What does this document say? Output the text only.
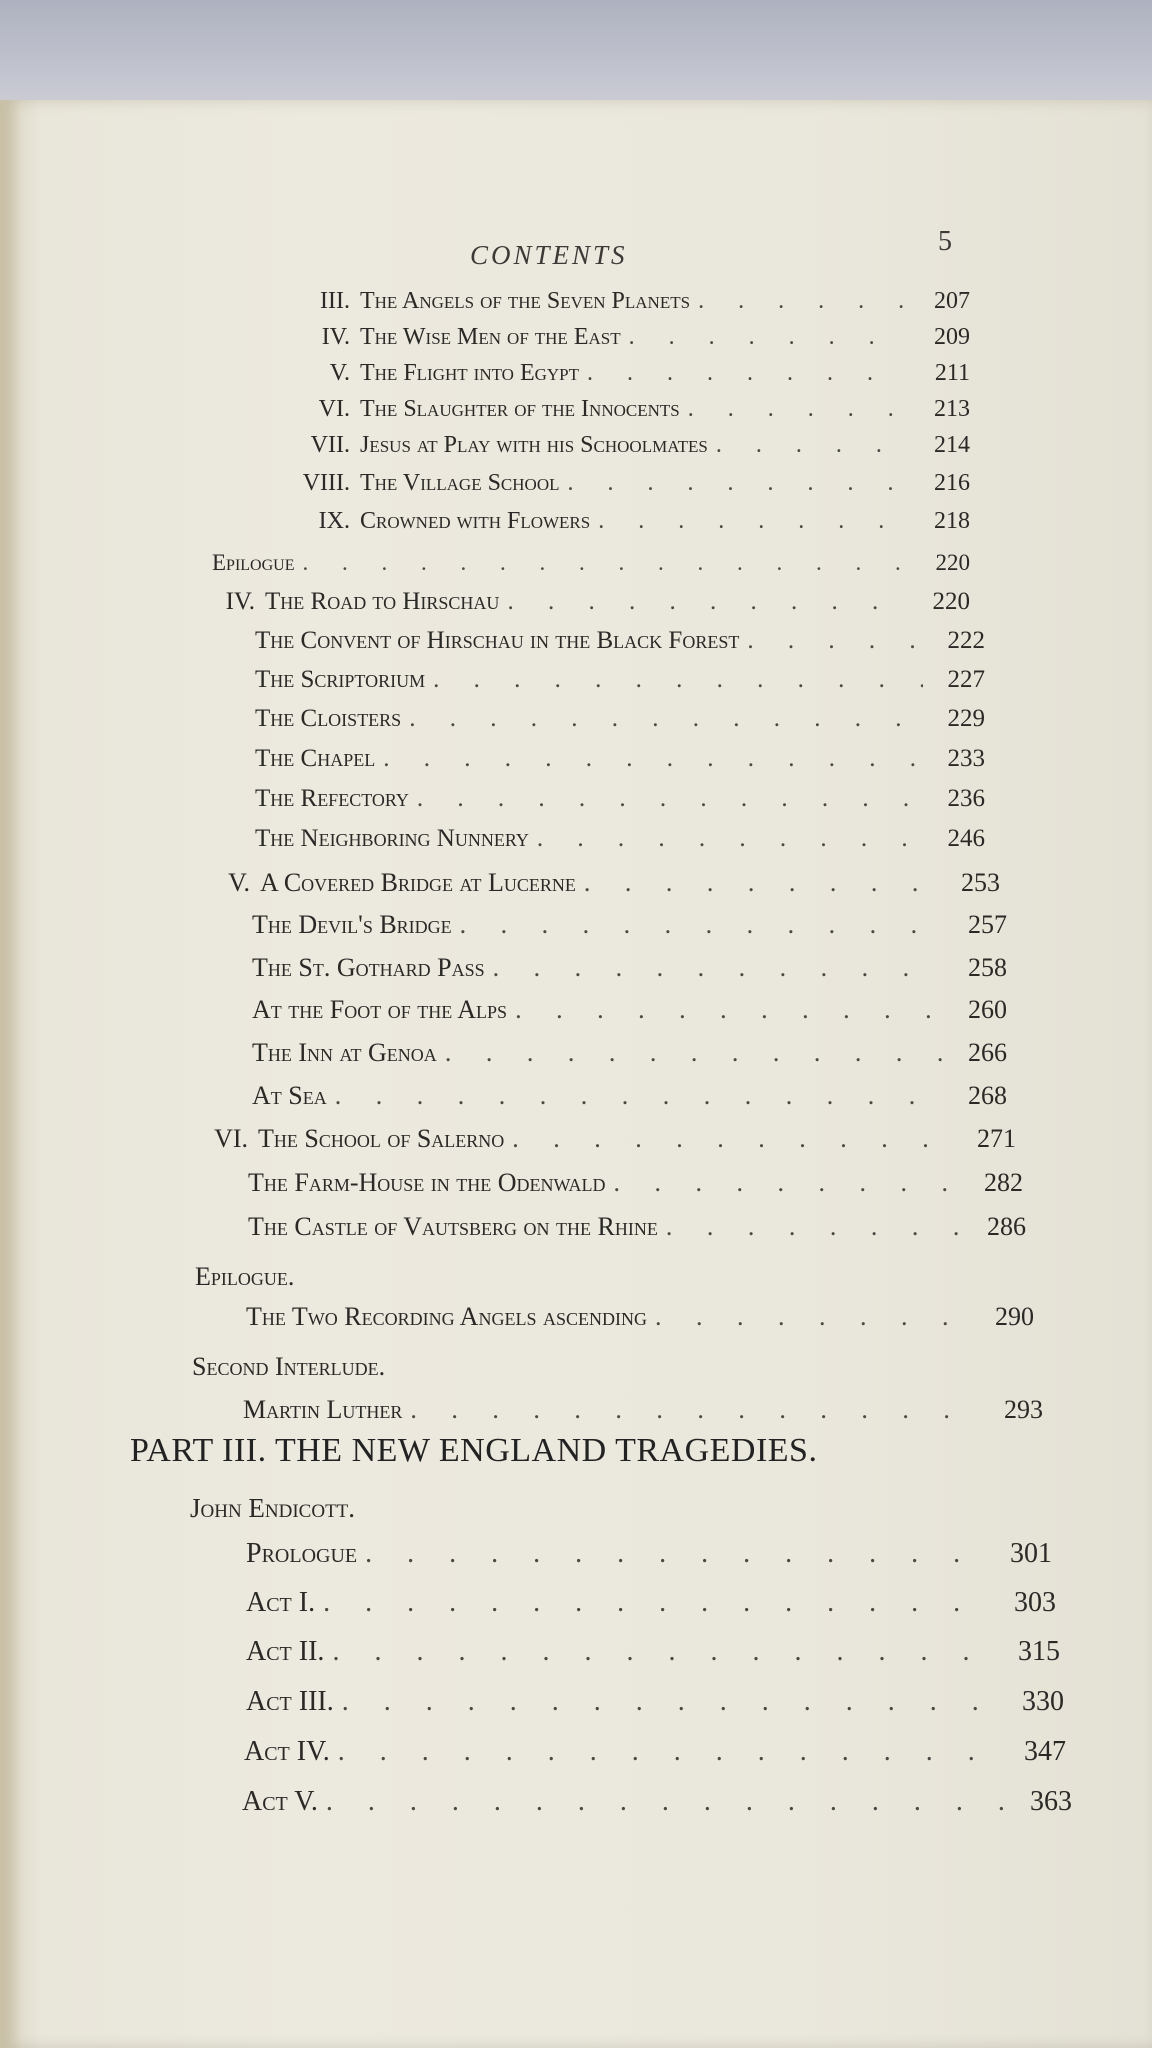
CONTENTS	5
III. The Angels of the Seven Planets . . .	207
IV. The Wise Men of the East . . .	209
V. The Flight into Egypt . . .	211
VI. The Slaughter of the Innocents . . .	213
VII. Jesus at Play with his Schoolmates . . .	214
VIII. The Village School . . .	216
IX. Crowned with Flowers . . .	218
Epilogue . . .	220
IV. The Road to Hirschau . . .	220
The Convent of Hirschau in the Black Forest . . .	222
The Scriptorium . . .	227
The Cloisters . . .	229
The Chapel . . .	233
The Refectory . . .	236
The Neighboring Nunnery . . .	246
V. A Covered Bridge at Lucerne . . .	253
The Devil's Bridge . . .	257
The St. Gothard Pass . . .	258
At the Foot of the Alps . . .	260
The Inn at Genoa . . .	266
At Sea . . .	268
VI. The School of Salerno . . .	271
The Farm-House in the Odenwald . . .	282
The Castle of Vautsberg on the Rhine . . .	286
Epilogue.
The Two Recording Angels ascending . . .	290
Second Interlude.
Martin Luther . . .	293
PART III. THE NEW ENGLAND TRAGEDIES.
John Endicott.
Prologue . . .	301
Act I. . . .	303
Act II. . . .	315
Act III. . . .	330
Act IV. . . .	347
Act V. . . .	363
